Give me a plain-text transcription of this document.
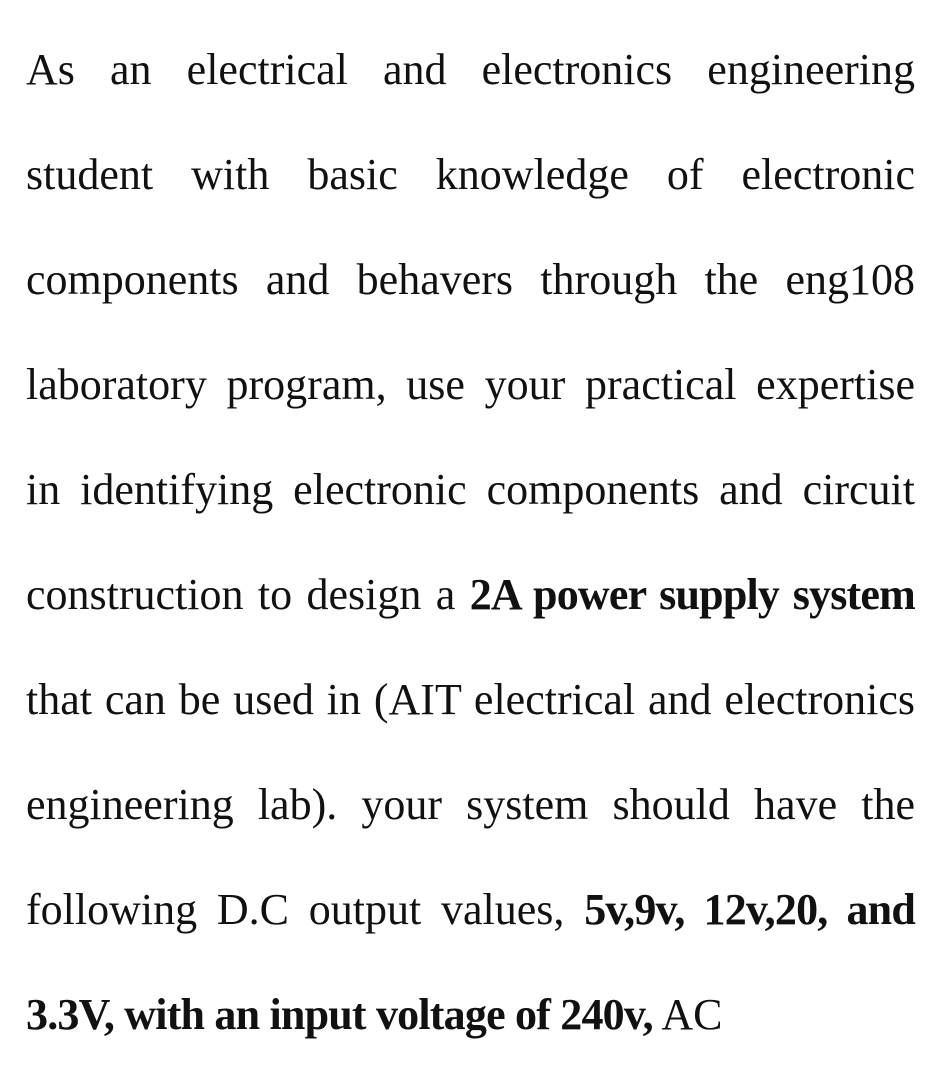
As an electrical and electronics engineering
student with basic knowledge of electronic
components and behavers through the eng108
laboratory program, use your practical expertise
in identifying electronic components and circuit
construction to design a 2A power supply system
that can be used in (AIT electrical and electronics
engineering lab). your system should have the
following D.C output values, 5v,9v, 12v,20, and
3.3V, with an input voltage of 240v, AC
